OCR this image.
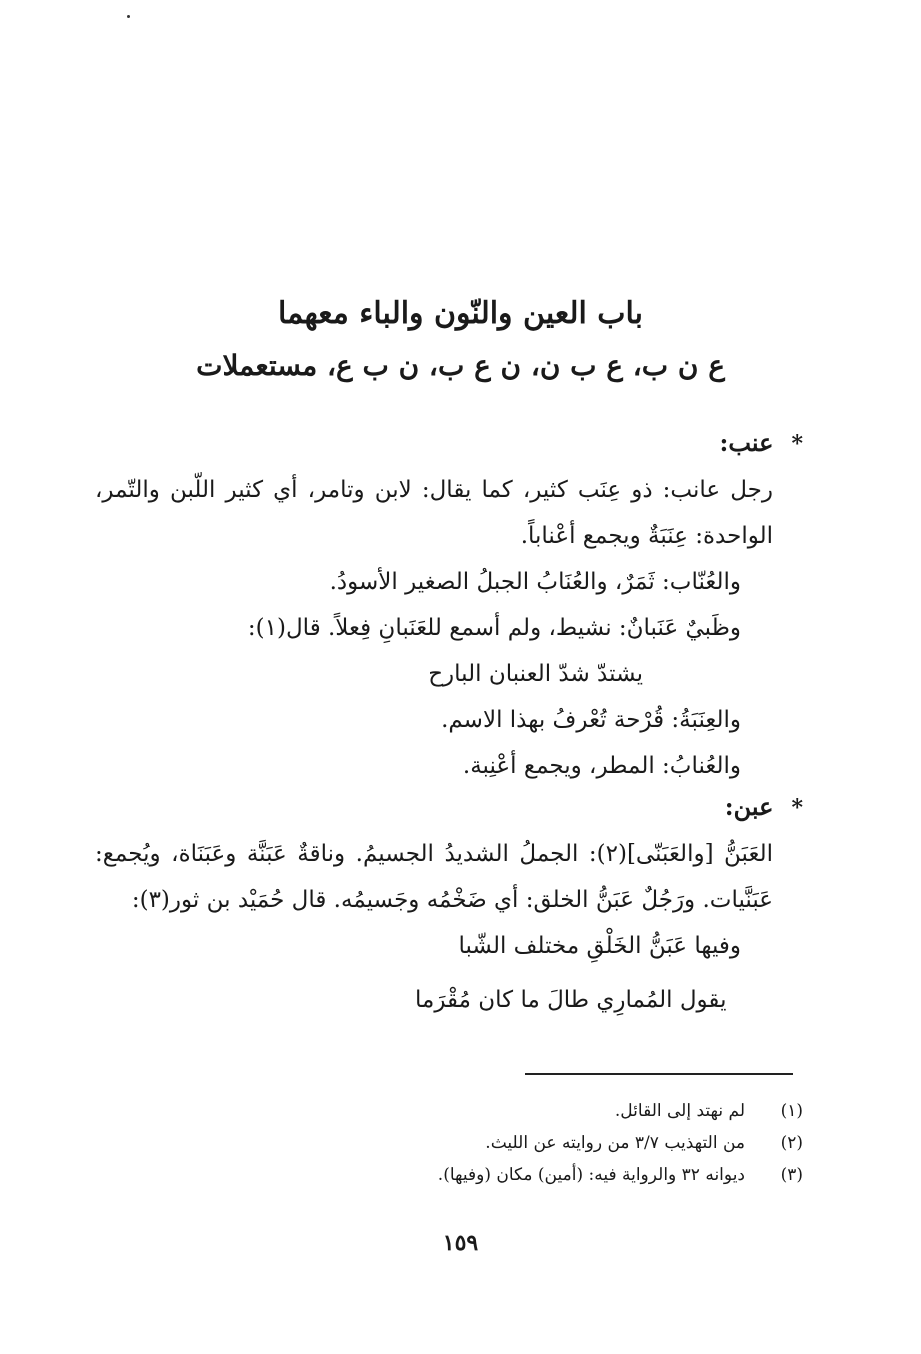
باب العين والنّون والباء معهما
ع ن ب، ع ب ن، ن ع ب، ن ب ع، مستعملات
*عنب:
رجل عانب: ذو عِنَب كثير، كما يقال: لابن وتامر، أي كثير اللّبن والتّمر، الواحدة: عِنَبَةٌ ويجمع أعْناباً.
والعُنّاب: ثَمَرٌ، والعُنَابُ الجبلُ الصغير الأسودُ.
وظَبيٌ عَنَبانٌ: نشيط، ولم أسمع للعَنَبانِ فِعلاً. قال(١):
يشتدّ شدّ العنبان البارح
والعِنَبَةُ: قُرْحة تُعْرفُ بهذا الاسم.
والعُنابُ: المطر، ويجمع أعْنِبة.
*عبن:
العَبَنُّ [والعَبَنّى](٢): الجملُ الشديدُ الجسيمُ. وناقةٌ عَبَنَّة وعَبَنَاة، ويُجمع: عَبَنَّيات. ورَجُلٌ عَبَنُّ الخلق: أي ضَخْمُه وجَسيمُه. قال حُمَيْد بن ثور(٣):
وفيها عَبَنُّ الخَلْقِ مختلف الشّبا
يقول المُمارِي طالَ ما كان مُقْرَما
(١)لم نهتد إلى القائل.
(٢)من التهذيب ٣/٧ من روايته عن الليث.
(٣)ديوانه ٣٢ والرواية فيه: (أمين) مكان (وفيها).
١٥٩
